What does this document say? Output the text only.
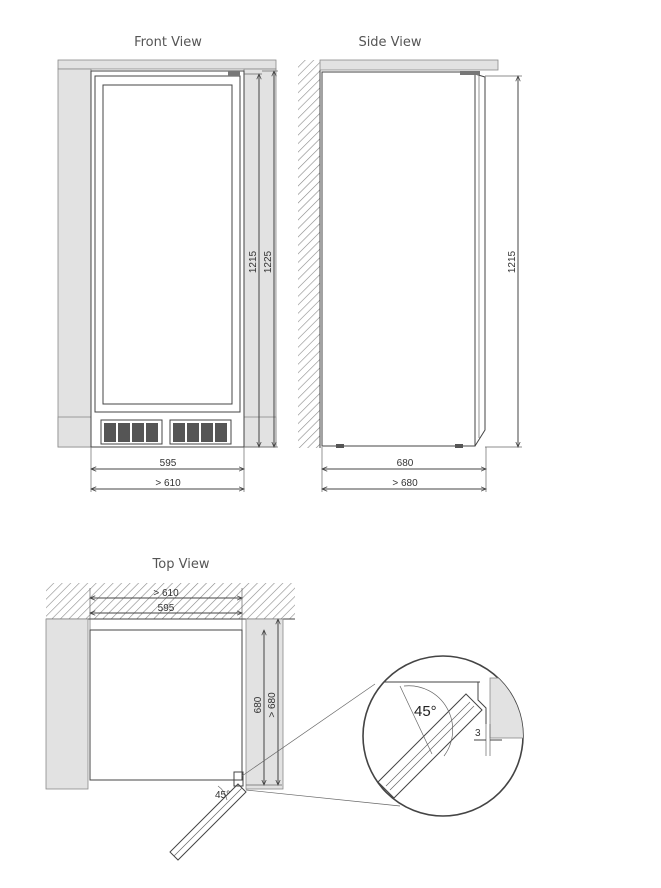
Front View
1215 1225
595
> 610
Side View
1215
680
> 680
Top View
45°
> 610
595
680 > 680	45°
3
